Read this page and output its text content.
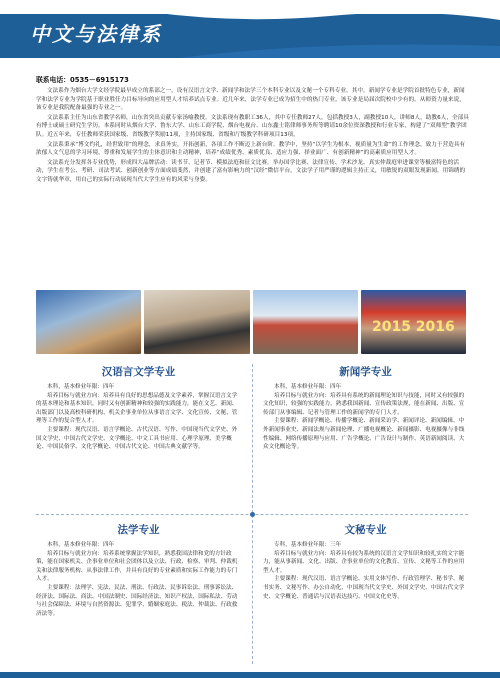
中文与法律系
联系电话：0535－6915173

文法系作为烟台大学文经学院最早成立的系部之一，设有汉语言文学、新闻学和法学三个本科专业以及文秘一个专科专业。其中，新闻学专业是学院首批特色专业，新闻学和法学专业为学院基于职业胜任力目标导向的应用型人才培养试点专业。近几年来，法学专业已成为招生中的热门专业，该专业是局届次院校中少有的。从师资力量来说，该专业是我院配备最强的专业之一。

文法系系主任为山东省教学名师，山东省突出贡献专家汤喻教授。文法系现有教职工36人，其中专任教师27人，包括教授3人，副教授10人，讲师8人，助教6人，全部具有博士或硕士研究生学历。本系同时从烟台大学、鲁东大学、山东工商学院、烟台电视台、山东鑫士铭律师事务所等聘请10余位资深教授和行业专家，构建了“双师型”教学团队。近五年来，专任教师荣获国家级、省级教学奖励11项，主持国家级、省级和厅级教学科研项目13项。

文法系秉承“博文约礼，经世致用”的理念，求真务实，开拓创新，各项工作不断迈上新台阶。教学中，坚持“以学生为根本，视质量为生命”的工作理念，致力于营造具有浓郁人文气息的学习环境，尊重和发展学生的主体意识和主动精神，培养“成绩优秀、素质优良、适应力强、择业面广、有创新精神”的高素质应用型人才。

文法系充分发挥各专业优势，形成四大品牌活动：读书节、记者节、模拟法庭和征文比赛。举办国学比赛、法律宣传、学术沙龙、真实仲裁庭审进课堂等极富特色的活动，学生在考公、考研、司法考试、创新创业等方面成绩斐然，并创建了富有影响力的“汉经”微信平台。文法学子用严谨的逻辑主持正义，用敏锐的双眼发现新闻，用锦绣的文字铸就华章，用自己的实际行动展现当代大学生应有的风采与身姿。

2015 2016
汉语言文学专业

本科，基本修业年限：四年

培养目标与就业方向：培养具有良好的思想品德及文学素养，掌握汉语言文学的基本理论和基本知识，同时又有创新精神和较强的实践能力，能在文艺、新闻、出版部门以及高校科研机构、机关企事业单位从事语言文学、文化宣传、文秘、管理等工作的复合型人才。

主要课程：现代汉语、语言学概论、古代汉语、写作、中国现当代文学史、外国文学史、中国古代文学史、文学概论、中文工具书应用、心理学原理、美学概论、中国民俗学、文化学概论、中国古代文论、中国古典文献学等。

新闻学专业

本科，基本修业年限：四年

培养目标与就业方向：培养具有系统的新闻理论知识与技能，同时又有较强的文化知识，较强的实践能力，熟悉我国新闻、宣传政策法规，能在新闻、出版、宣传部门从事编辑、记者与管理工作的新闻学的专门人才。

主要课程：新闻学概论、传播学概论、新闻采访学、新闻评论、新闻编辑、中外新闻事业史、新闻法规与新闻伦理、广播电视概论、新闻摄影、电视摄像与非线性编辑、网络传播原理与应用、广告学概论、广告设计与制作、英语新闻阅读、大众文化概论等。

法学专业

本科，基本修业年限：四年

培养目标与就业方向：培养系统掌握法学知识，熟悉我国法律和党的方针政策，能在国家机关、企事业单位和社会团体以及立法、行政、检察、审判、仲裁机关和法律服务机构、从事法律工作，并具有良好的专业素质和实际工作能力的专门人才。

主要课程：法理学、宪法、民法、刑法、行政法、民事诉讼法、刑事诉讼法、经济法、国际法、商法、中国法制史、国际经济法、知识产权法、国际私法、劳动与社会保障法、环境与自然资源法、犯罪学、婚姻家庭法、税法、仲裁法、行政救济法等。

文秘专业

专科，基本修业年限：三年

培养目标与就业方向：培养具有较为系统的汉语言文学知识和较扎实的文字能力，能从事新闻、文化、出版、企事业单位的文化教育、宣传、文秘等工作的应用型人才。

主要课程：现代汉语、语言学概论、实用文体写作、行政管理学、秘书学、秘书实务、文秘写作、办公自动化、中国现当代文学史、外国文学史、中国古代文学史、文学概论、普通话与汉语表达技巧、中国文化史等。
